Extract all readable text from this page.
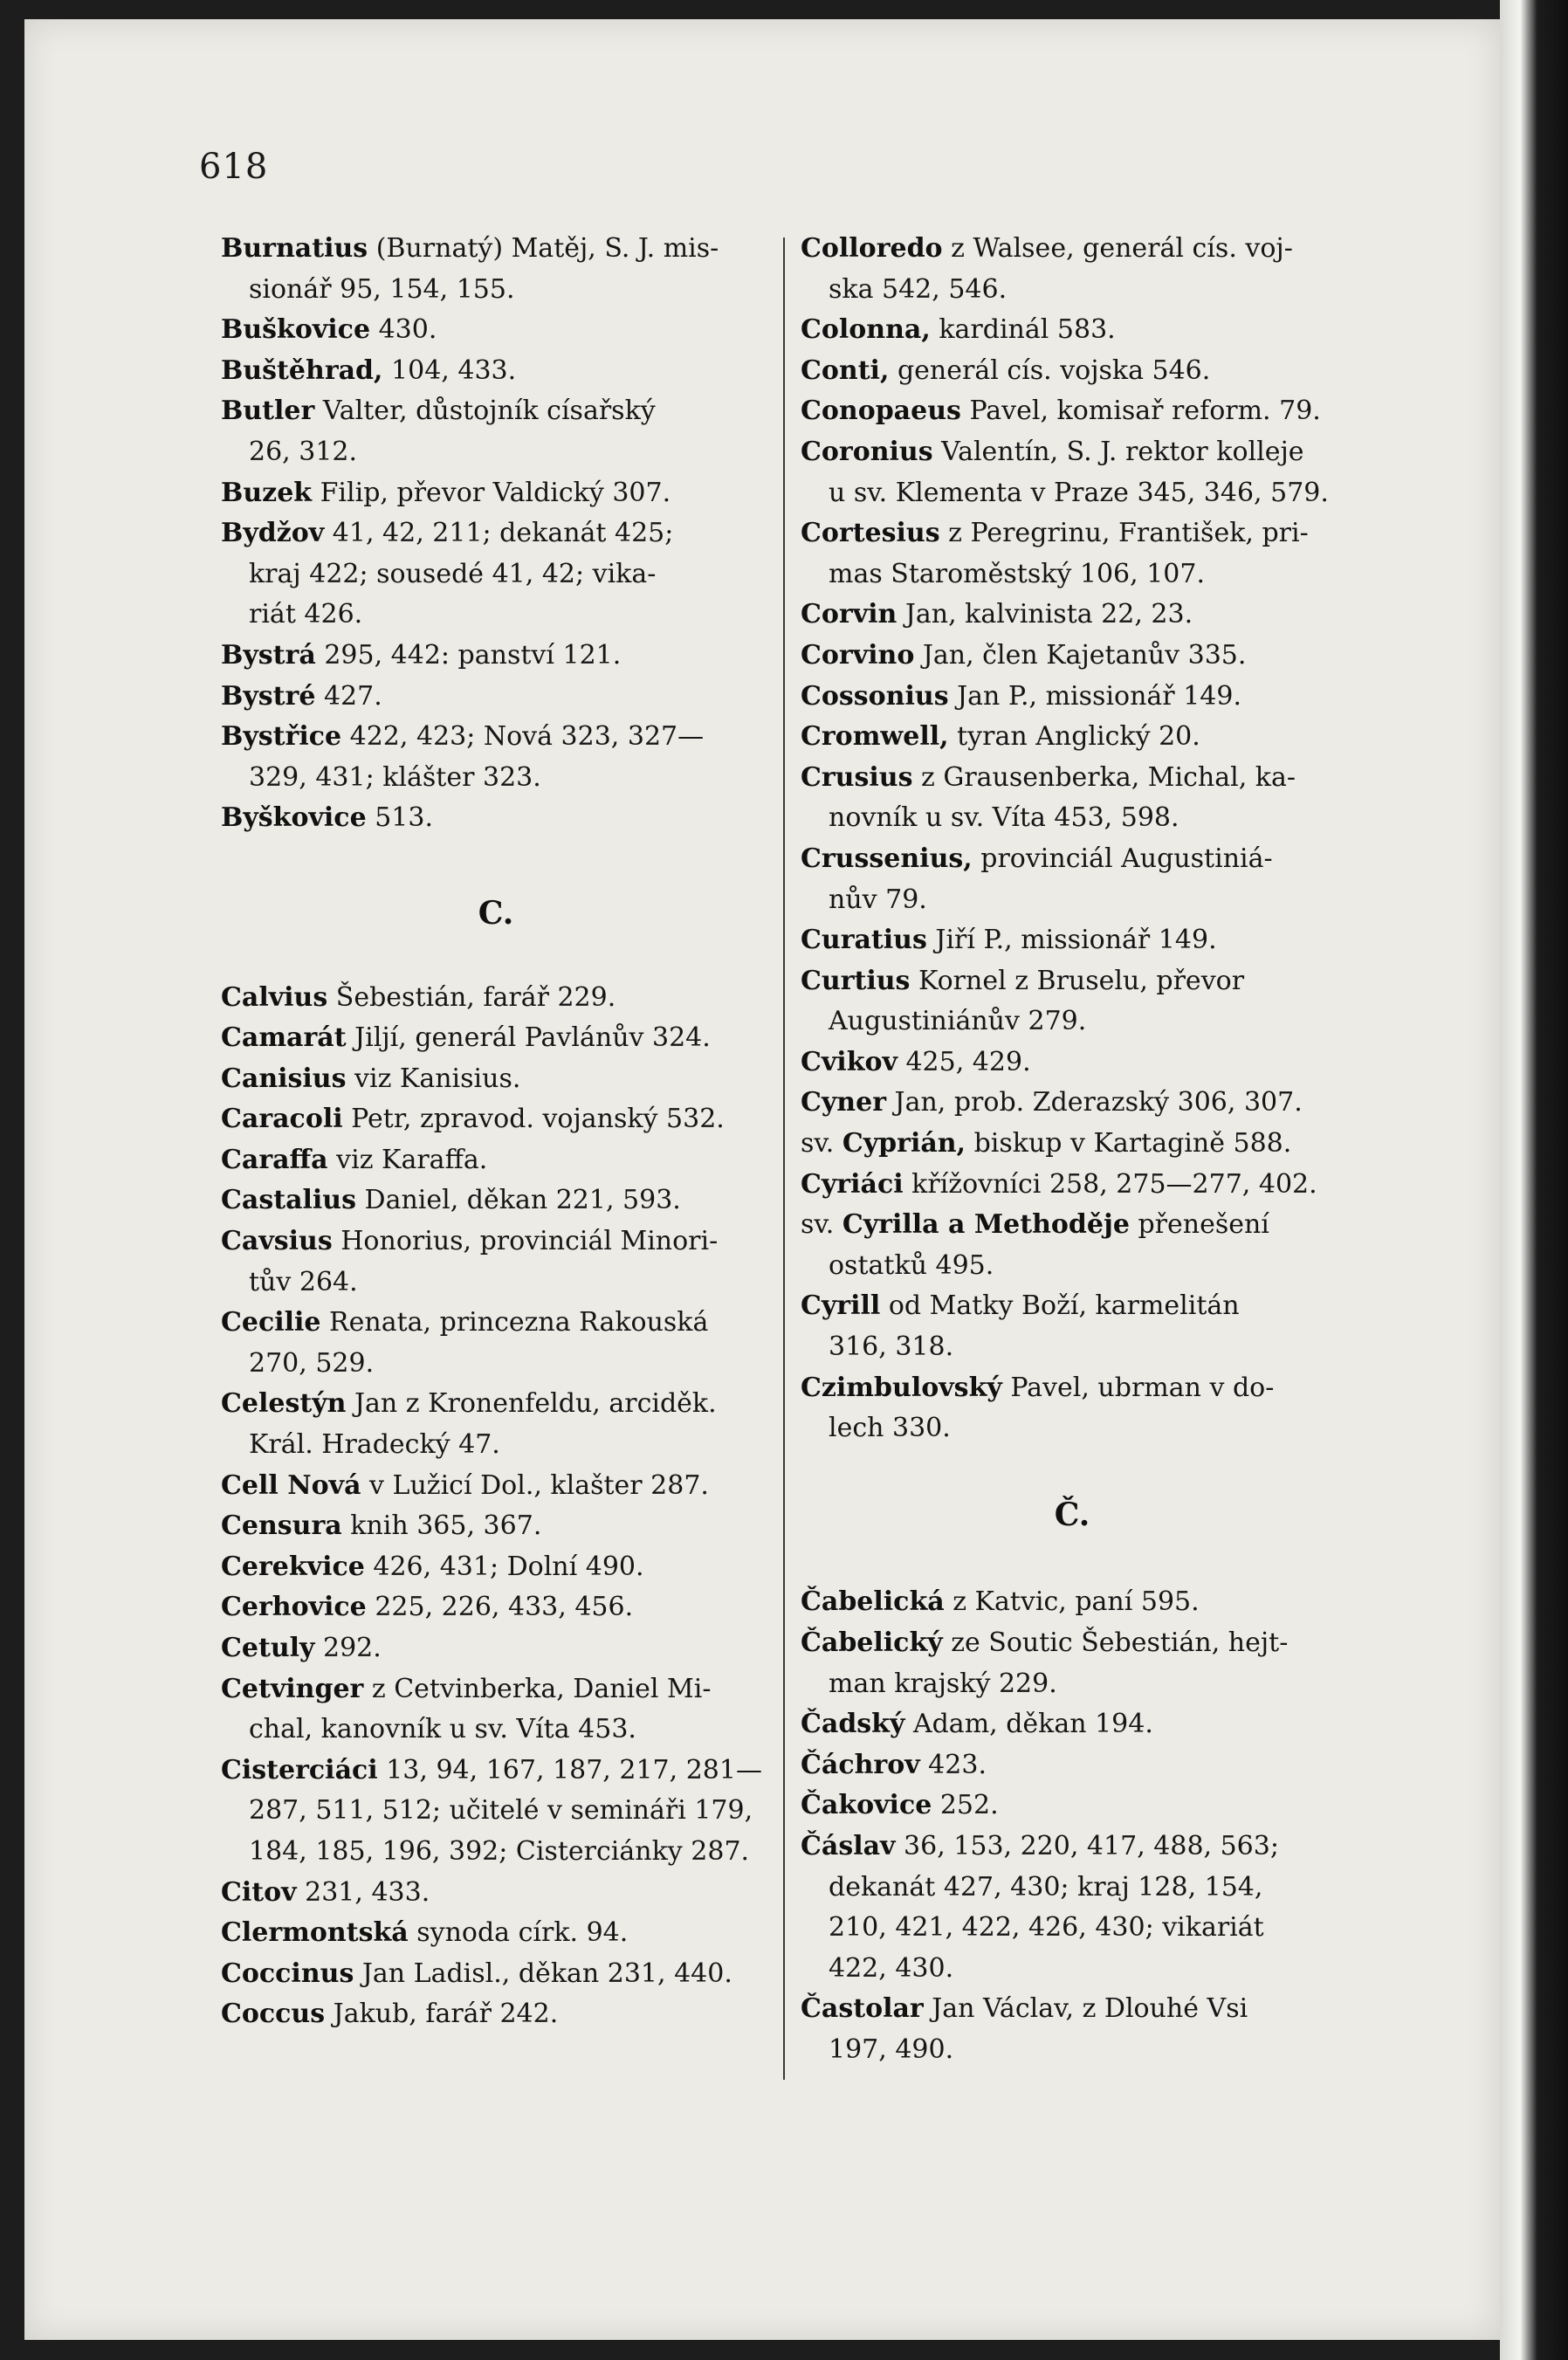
618
Burnatius (Burnatý) Matěj, S. J. mis-
sionář 95, 154, 155.
Buškovice 430.
Buštěhrad, 104, 433.
Butler Valter, důstojník císařský
26, 312.
Buzek Filip, převor Valdický 307.
Bydžov 41, 42, 211; dekanát 425;
kraj 422; sousedé 41, 42; vika-
riát 426.
Bystrá 295, 442: panství 121.
Bystré 427.
Bystřice 422, 423; Nová 323, 327—
329, 431; klášter 323.
Byškovice 513.
C.
Calvius Šebestián, farář 229.
Camarát Jiljí, generál Pavlánův 324.
Canisius viz Kanisius.
Caracoli Petr, zpravod. vojanský 532.
Caraffa viz Karaffa.
Castalius Daniel, děkan 221, 593.
Cavsius Honorius, provinciál Minori-
tův 264.
Cecilie Renata, princezna Rakouská
270, 529.
Celestýn Jan z Kronenfeldu, arciděk.
Král. Hradecký 47.
Cell Nová v Lužicí Dol., klašter 287.
Censura knih 365, 367.
Cerekvice 426, 431; Dolní 490.
Cerhovice 225, 226, 433, 456.
Cetuly 292.
Cetvinger z Cetvinberka, Daniel Mi-
chal, kanovník u sv. Víta 453.
Cisterciáci 13, 94, 167, 187, 217, 281—
287, 511, 512; učitelé v semináři 179,
184, 185, 196, 392; Cisterciánky 287.
Citov 231, 433.
Clermontská synoda círk. 94.
Coccinus Jan Ladisl., děkan 231, 440.
Coccus Jakub, farář 242.
Colloredo z Walsee, generál cís. voj-
ska 542, 546.
Colonna, kardinál 583.
Conti, generál cís. vojska 546.
Conopaeus Pavel, komisař reform. 79.
Coronius Valentín, S. J. rektor kolleje
u sv. Klementa v Praze 345, 346, 579.
Cortesius z Peregrinu, František, pri-
mas Staroměstský 106, 107.
Corvin Jan, kalvinista 22, 23.
Corvino Jan, člen Kajetanův 335.
Cossonius Jan P., missionář 149.
Cromwell, tyran Anglický 20.
Crusius z Grausenberka, Michal, ka-
novník u sv. Víta 453, 598.
Crussenius, provinciál Augustiniá-
nův 79.
Curatius Jiří P., missionář 149.
Curtius Kornel z Bruselu, převor
Augustiniánův 279.
Cvikov 425, 429.
Cyner Jan, prob. Zderazský 306, 307.
sv. Cyprián, biskup v Kartagině 588.
Cyriáci křížovníci 258, 275—277, 402.
sv. Cyrilla a Methoděje přenešení
ostatků 495.
Cyrill od Matky Boží, karmelitán
316, 318.
Czimbulovský Pavel, ubrman v do-
lech 330.
Č.
Čabelická z Katvic, paní 595.
Čabelický ze Soutic Šebestián, hejt-
man krajský 229.
Čadský Adam, děkan 194.
Čáchrov 423.
Čakovice 252.
Čáslav 36, 153, 220, 417, 488, 563;
dekanát 427, 430; kraj 128, 154,
210, 421, 422, 426, 430; vikariát
422, 430.
Častolar Jan Václav, z Dlouhé Vsi
197, 490.
